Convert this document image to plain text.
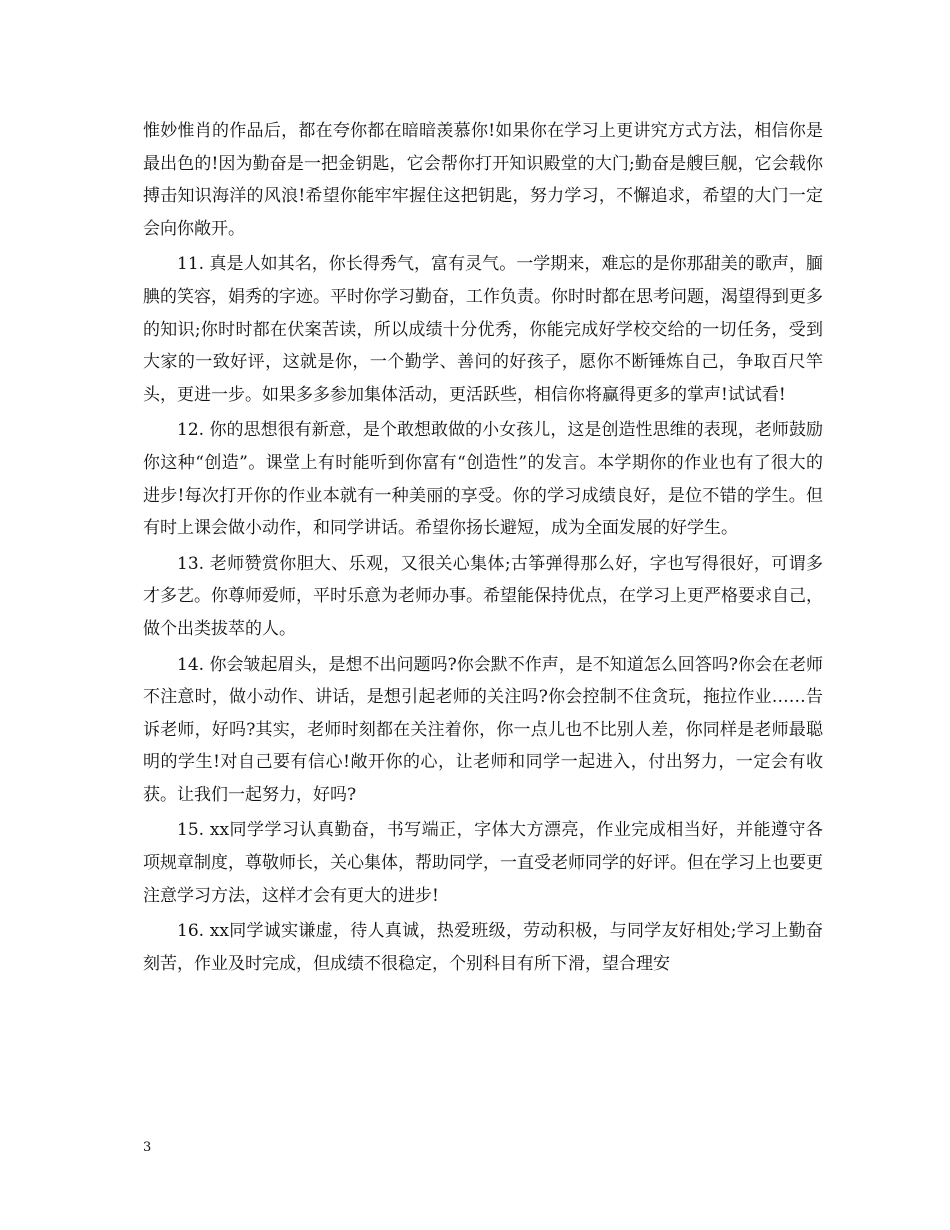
惟妙惟肖的作品后，都在夸你都在暗暗羡慕你!如果你在学习上更讲究方式方法，相信你是最出色的!因为勤奋是一把金钥匙，它会帮你打开知识殿堂的大门;勤奋是艘巨舰，它会载你搏击知识海洋的风浪!希望你能牢牢握住这把钥匙，努力学习，不懈追求，希望的大门一定会向你敞开。

11. 真是人如其名，你长得秀气，富有灵气。一学期来，难忘的是你那甜美的歌声，腼腆的笑容，娟秀的字迹。平时你学习勤奋，工作负责。你时时都在思考问题，渴望得到更多的知识;你时时都在伏案苦读，所以成绩十分优秀，你能完成好学校交给的一切任务，受到大家的一致好评，这就是你，一个勤学、善问的好孩子，愿你不断锤炼自己，争取百尺竿头，更进一步。如果多多参加集体活动，更活跃些，相信你将赢得更多的掌声!试试看!

12. 你的思想很有新意，是个敢想敢做的小女孩儿，这是创造性思维的表现，老师鼓励你这种“创造”。课堂上有时能听到你富有“创造性”的发言。本学期你的作业也有了很大的进步!每次打开你的作业本就有一种美丽的享受。你的学习成绩良好，是位不错的学生。但有时上课会做小动作，和同学讲话。希望你扬长避短，成为全面发展的好学生。

13. 老师赞赏你胆大、乐观，又很关心集体;古筝弹得那么好，字也写得很好，可谓多才多艺。你尊师爱师，平时乐意为老师办事。希望能保持优点，在学习上更严格要求自己，做个出类拔萃的人。

14. 你会皱起眉头，是想不出问题吗?你会默不作声，是不知道怎么回答吗?你会在老师不注意时，做小动作、讲话，是想引起老师的关注吗?你会控制不住贪玩，拖拉作业……告诉老师，好吗?其实，老师时刻都在关注着你，你一点儿也不比别人差，你同样是老师最聪明的学生!对自己要有信心!敞开你的心，让老师和同学一起进入，付出努力，一定会有收获。让我们一起努力，好吗?

15. xx同学学习认真勤奋，书写端正，字体大方漂亮，作业完成相当好，并能遵守各项规章制度，尊敬师长，关心集体，帮助同学，一直受老师同学的好评。但在学习上也要更注意学习方法，这样才会有更大的进步!

16. xx同学诚实谦虚，待人真诚，热爱班级，劳动积极，与同学友好相处;学习上勤奋刻苦，作业及时完成，但成绩不很稳定，个别科目有所下滑，望合理安

3
